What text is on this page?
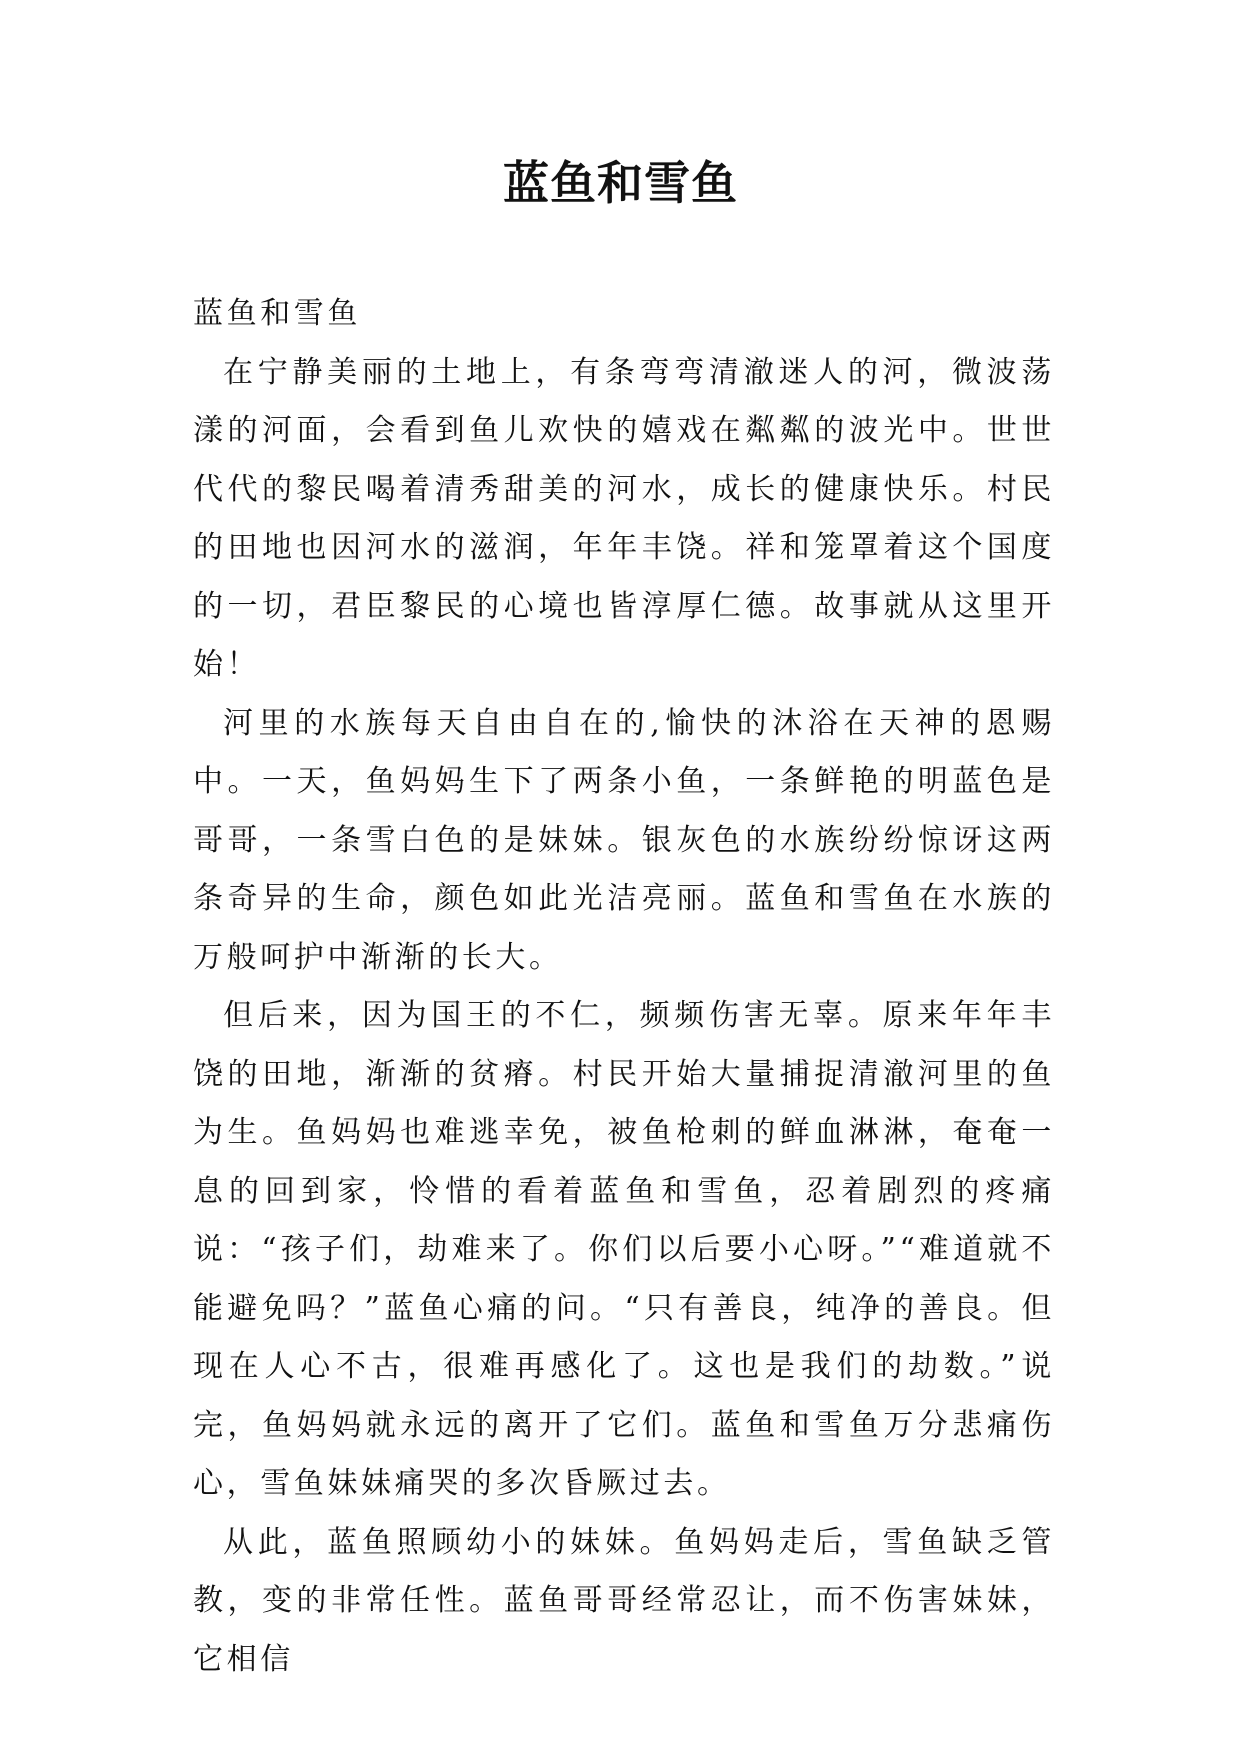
蓝鱼和雪鱼

蓝鱼和雪鱼

在宁静美丽的土地上，有条弯弯清澈迷人的河，微波荡漾的河面，会看到鱼儿欢快的嬉戏在粼粼的波光中。世世代代的黎民喝着清秀甜美的河水，成长的健康快乐。村民的田地也因河水的滋润，年年丰饶。祥和笼罩着这个国度的一切，君臣黎民的心境也皆淳厚仁德。故事就从这里开始！

河里的水族每天自由自在的,愉快的沐浴在天神的恩赐中。一天，鱼妈妈生下了两条小鱼，一条鲜艳的明蓝色是哥哥，一条雪白色的是妹妹。银灰色的水族纷纷惊讶这两条奇异的生命，颜色如此光洁亮丽。蓝鱼和雪鱼在水族的万般呵护中渐渐的长大。

但后来，因为国王的不仁，频频伤害无辜。原来年年丰饶的田地，渐渐的贫瘠。村民开始大量捕捉清澈河里的鱼为生。鱼妈妈也难逃幸免，被鱼枪刺的鲜血淋淋，奄奄一息的回到家，怜惜的看着蓝鱼和雪鱼，忍着剧烈的疼痛说：“孩子们，劫难来了。你们以后要小心呀。”“难道就不能避免吗？”蓝鱼心痛的问。“只有善良，纯净的善良。但现在人心不古，很难再感化了。这也是我们的劫数。”说完，鱼妈妈就永远的离开了它们。蓝鱼和雪鱼万分悲痛伤心，雪鱼妹妹痛哭的多次昏厥过去。

从此，蓝鱼照顾幼小的妹妹。鱼妈妈走后，雪鱼缺乏管教，变的非常任性。蓝鱼哥哥经常忍让，而不伤害妹妹，它相信
